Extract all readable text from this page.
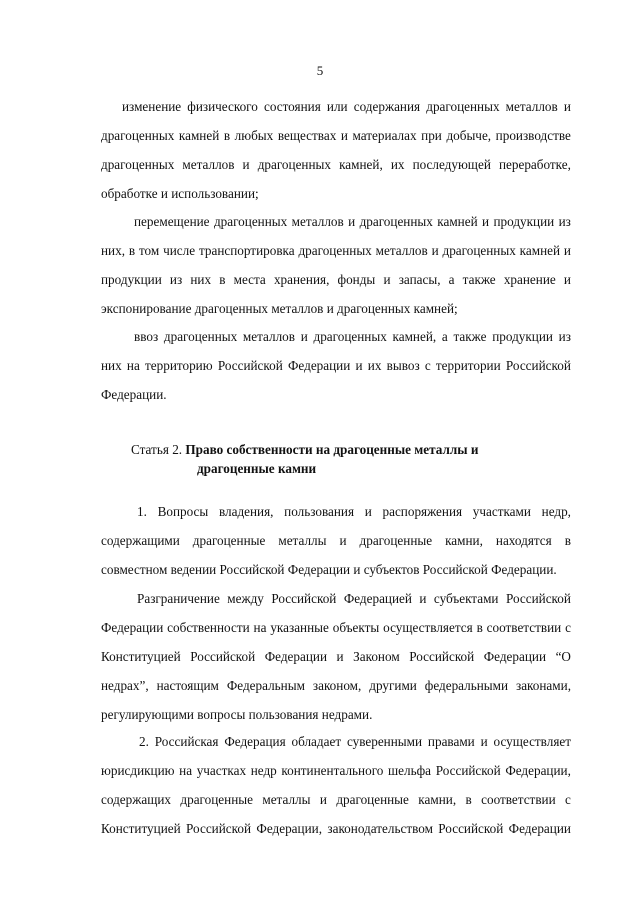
5
изменение физического состояния или содержания драгоценных металлов и
драгоценных камней в любых веществах и материалах при добыче, производстве
драгоценных металлов и драгоценных камней, их последующей переработке,
обработке и использовании;
перемещение драгоценных металлов и драгоценных камней и продукции из
них, в том числе транспортировка драгоценных металлов и драгоценных камней и
продукции из них в места хранения, фонды и запасы, а также хранение и
экспонирование драгоценных металлов и драгоценных камней;
ввоз драгоценных металлов и драгоценных камней, а также продукции из
них на территорию Российской Федерации и их вывоз с территории Российской
Федерации.
Статья 2. Право собственности на драгоценные металлы и
драгоценные камни
1. Вопросы владения, пользования и распоряжения участками недр,
содержащими драгоценные металлы и драгоценные камни, находятся в
совместном ведении Российской Федерации и субъектов Российской Федерации.
Разграничение между Российской Федерацией и субъектами Российской
Федерации собственности на указанные объекты осуществляется в соответствии с
Конституцией Российской Федерации и Законом Российской Федерации “О
недрах”, настоящим Федеральным законом, другими федеральными законами,
регулирующими вопросы пользования недрами.
2. Российская Федерация обладает суверенными правами и осуществляет
юрисдикцию на участках недр континентального шельфа Российской Федерации,
содержащих драгоценные металлы и драгоценные камни, в соответствии с
Конституцией Российской Федерации, законодательством Российской Федерации
